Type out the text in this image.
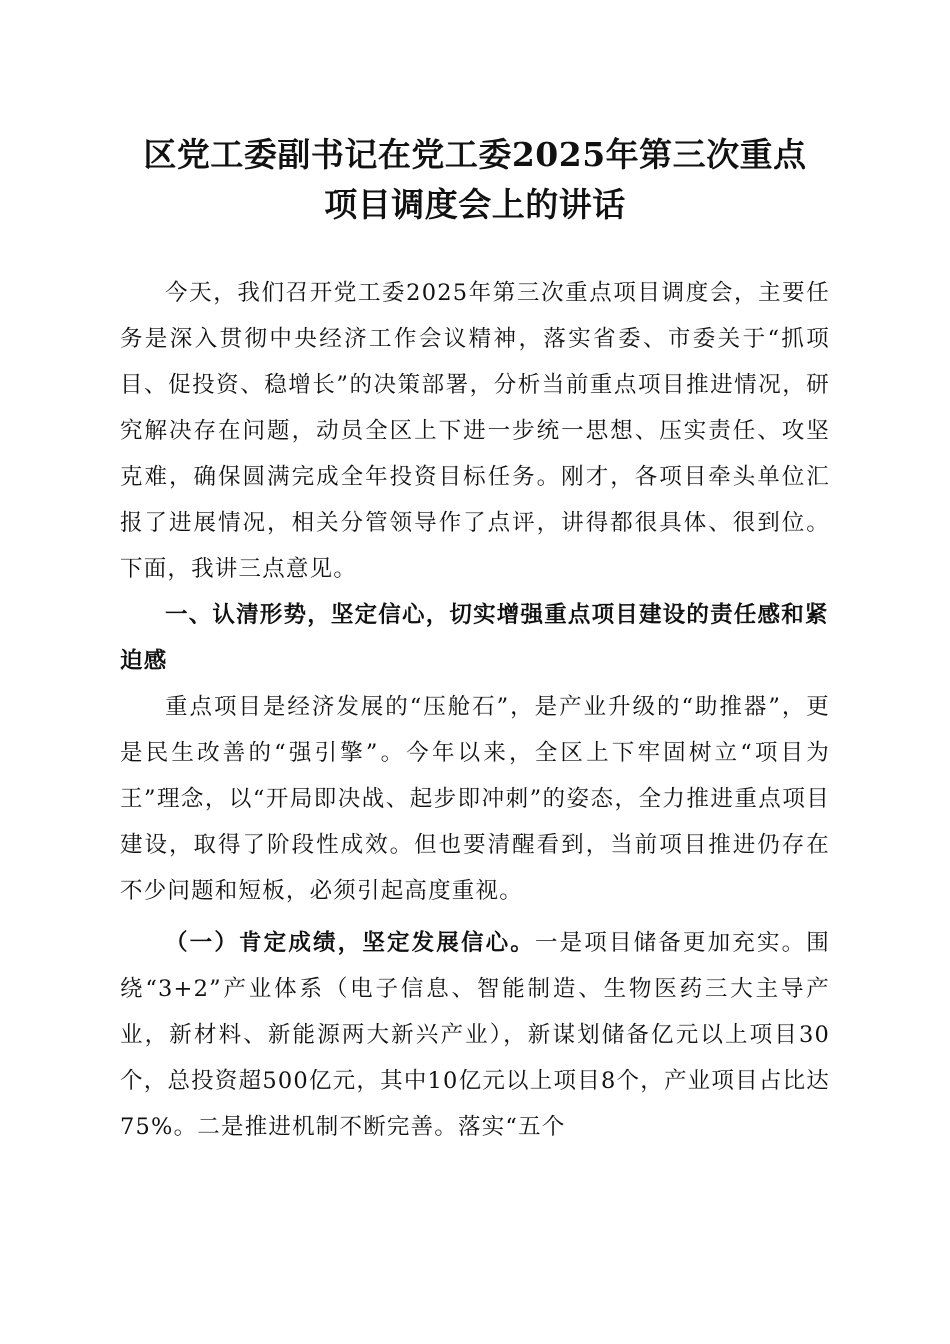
区党工委副书记在党工委2025年第三次重点
项目调度会上的讲话

今天，我们召开党工委2025年第三次重点项目调度会，主要任务是深入贯彻中央经济工作会议精神，落实省委、市委关于“抓项目、促投资、稳增长”的决策部署，分析当前重点项目推进情况，研究解决存在问题，动员全区上下进一步统一思想、压实责任、攻坚克难，确保圆满完成全年投资目标任务。刚才，各项目牵头单位汇报了进展情况，相关分管领导作了点评，讲得都很具体、很到位。下面，我讲三点意见。

一、认清形势，坚定信心，切实增强重点项目建设的责任感和紧迫感

重点项目是经济发展的“压舱石”，是产业升级的“助推器”，更是民生改善的“强引擎”。今年以来，全区上下牢固树立“项目为王”理念，以“开局即决战、起步即冲刺”的姿态，全力推进重点项目建设，取得了阶段性成效。但也要清醒看到，当前项目推进仍存在不少问题和短板，必须引起高度重视。

（一）肯定成绩，坚定发展信心。一是项目储备更加充实。围绕“3+2”产业体系（电子信息、智能制造、生物医药三大主导产业，新材料、新能源两大新兴产业），新谋划储备亿元以上项目30个，总投资超500亿元，其中10亿元以上项目8个，产业项目占比达75%。二是推进机制不断完善。落实“五个
